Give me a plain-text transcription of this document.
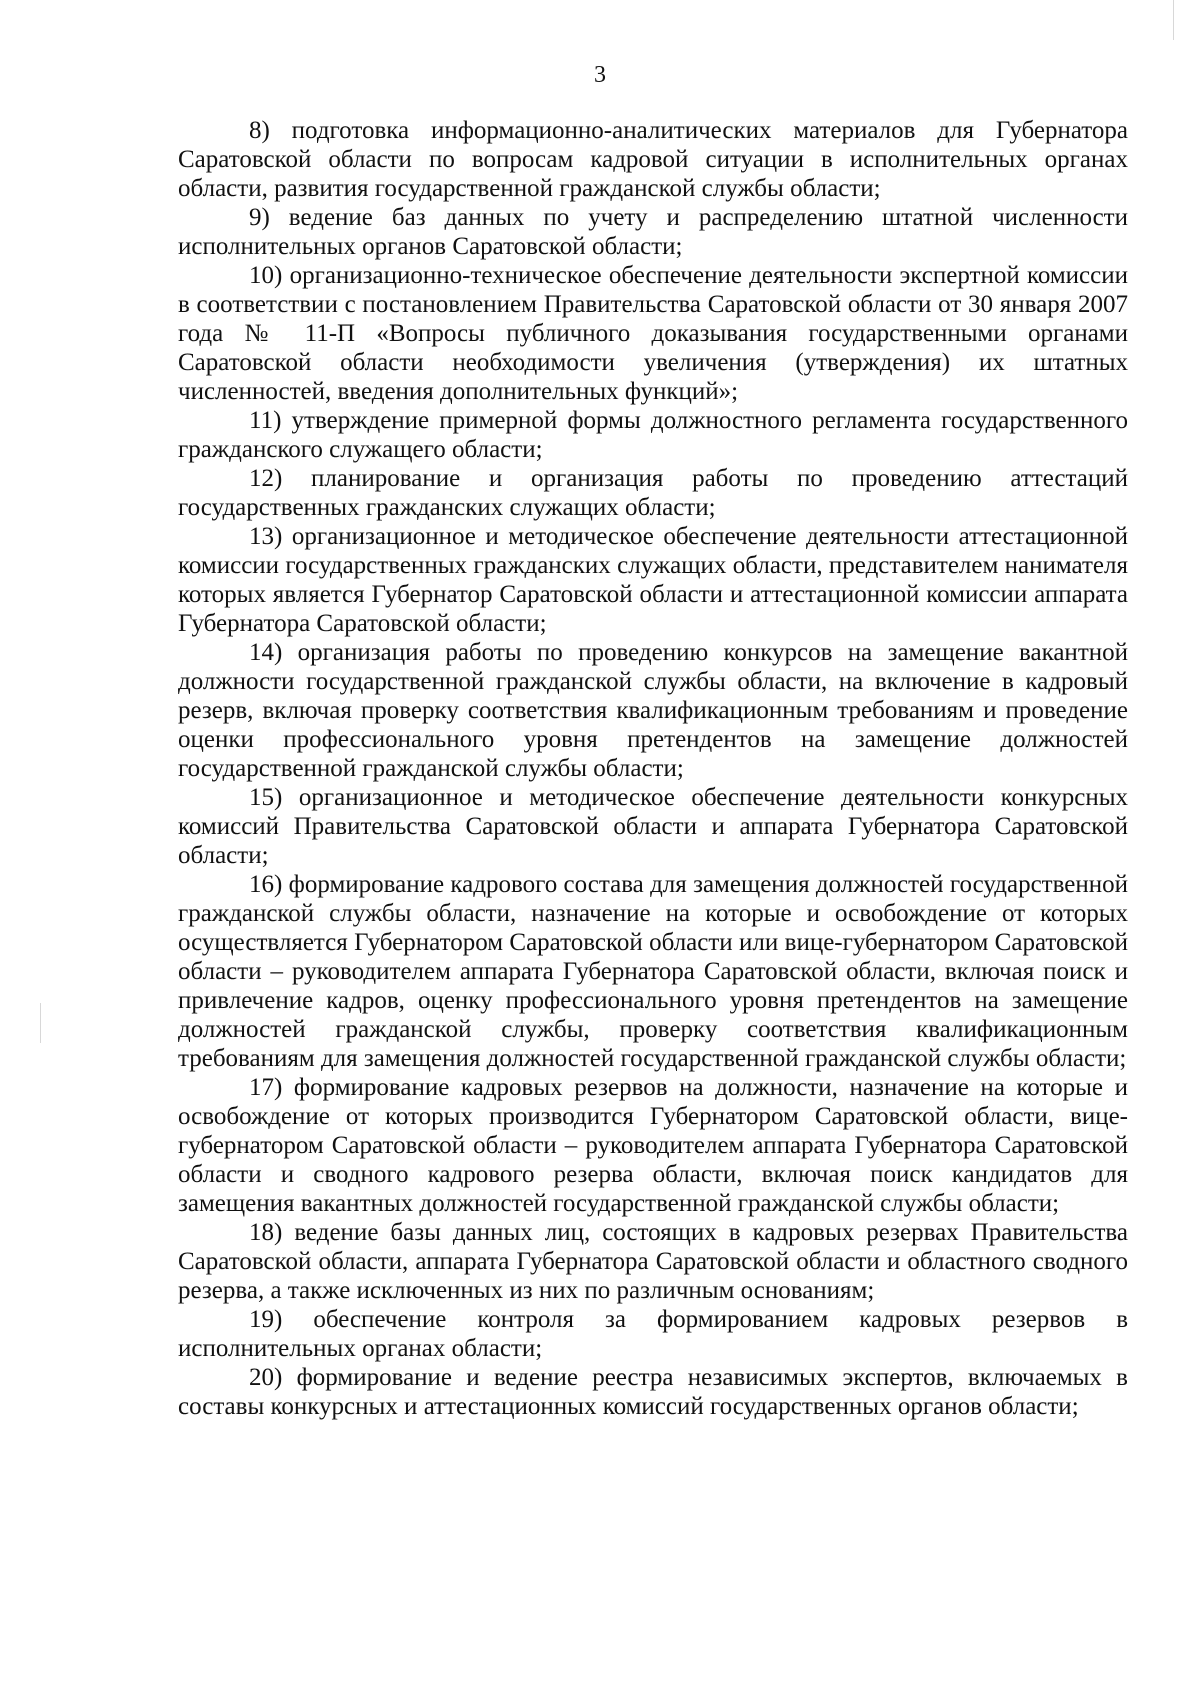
3

8) подготовка информационно-аналитических материалов для Губернатора Саратовской области по вопросам кадровой ситуации в исполнительных органах области, развития государственной гражданской службы области;

9) ведение баз данных по учету и распределению штатной численности исполнительных органов Саратовской области;

10) организационно-техническое обеспечение деятельности экспертной комиссии в соответствии с постановлением Правительства Саратовской области от 30 января 2007 года № 11-П «Вопросы публичного доказывания государственными органами Саратовской области необходимости увеличения (утверждения) их штатных численностей, введения дополнительных функций»;

11) утверждение примерной формы должностного регламента государственного гражданского служащего области;

12) планирование и организация работы по проведению аттестаций государственных гражданских служащих области;

13) организационное и методическое обеспечение деятельности аттестационной комиссии государственных гражданских служащих области, представителем нанимателя которых является Губернатор Саратовской области и аттестационной комиссии аппарата Губернатора Саратовской области;

14) организация работы по проведению конкурсов на замещение вакантной должности государственной гражданской службы области, на включение в кадровый резерв, включая проверку соответствия квалификационным требованиям и проведение оценки профессионального уровня претендентов на замещение должностей государственной гражданской службы области;

15) организационное и методическое обеспечение деятельности конкурсных комиссий Правительства Саратовской области и аппарата Губернатора Саратовской области;

16) формирование кадрового состава для замещения должностей государственной гражданской службы области, назначение на которые и освобождение от которых осуществляется Губернатором Саратовской области или вице-губернатором Саратовской области – руководителем аппарата Губернатора Саратовской области, включая поиск и привлечение кадров, оценку профессионального уровня претендентов на замещение должностей гражданской службы, проверку соответствия квалификационным требованиям для замещения должностей государственной гражданской службы области;

17) формирование кадровых резервов на должности, назначение на которые и освобождение от которых производится Губернатором Саратовской области, вице-губернатором Саратовской области – руководителем аппарата Губернатора Саратовской области и сводного кадрового резерва области, включая поиск кандидатов для замещения вакантных должностей государственной гражданской службы области;

18) ведение базы данных лиц, состоящих в кадровых резервах Правительства Саратовской области, аппарата Губернатора Саратовской области и областного сводного резерва, а также исключенных из них по различным основаниям;

19) обеспечение контроля за формированием кадровых резервов в исполнительных органах области;

20) формирование и ведение реестра независимых экспертов, включаемых в составы конкурсных и аттестационных комиссий государственных органов области;
